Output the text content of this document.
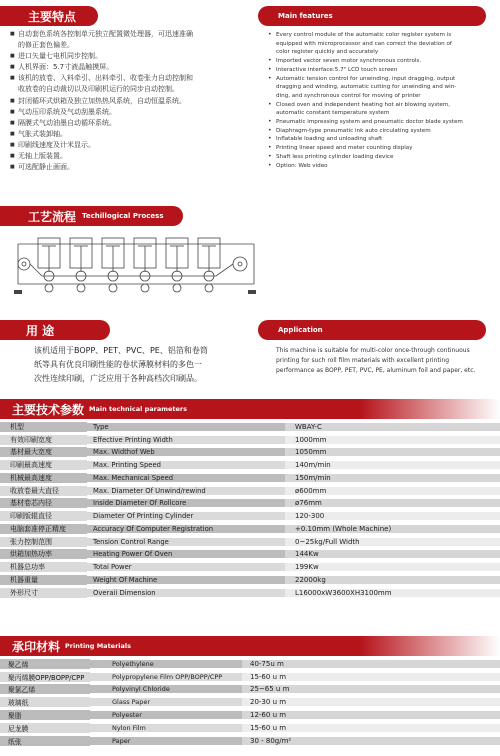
主要特点	Main features
■ 自动套色系统各控制单元独立配置微处理器，可迅速准确
的修正套色偏差。
■ 进口矢量七电机同步控制。
■ 人机界面：5.7寸液晶触摸屏。
■ 该机的放卷、入料牵引、出料牵引、收卷张力自动控制和
收放卷的自动裁切以及印刷机运行的同步自动控制。
■ 封闭循环式烘箱及独立加热热风系统，自动恒温系统。
■ 气动压印系统及气动刮墨系统。
■ 隔膜式气动油墨自动循环系统。
■ 气胀式装卸轴。
■ 印刷线速度及计米显示。
■ 无轴上版装置。
■ 可选配静止画面。
• Every control module of the automatic color register system is
equipped with microprocessor and can correct the deviation of
color register quickly and accurately
• Imported vector seven motor synchronous controls.
• Interactive interface:5.7" LCD touch screen
• Automatic tension control for unwinding, input dragging, output
dragging and winding, automatic cutting for unwinding and win-
ding, and synchronous control for moving of printer
• Closed oven and independent heating hot air blowing system,
automatic constant temperature system
• Pneumatic impressing system and pneumatic doctor blade system
• Diaphragm-type pneumatic ink auto circulating system
• Inflatable loading and unloading shaft
• Printing linear speed and meter counting display
• Shaft less printing cylinder loading device
• Option: Web video
工艺流程 Techillogical Process
用 途	Application
该机适用于BOPP、PET、PVC、PE、铝箔和卷筒
纸等具有优良印刷性能的卷状薄膜材料的多色一
次性连续印刷，广泛应用于各种高档次印刷品。
This machine is suitable for multi-color once-through continuous
printing for such roll film materials with excellent printing
performance as BOPP, PET, PVC, PE, aluminum foil and paper, etc.
主要技术参数 Main technical parameters
机型	Type	WBAY-C
有效印刷宽度	Effective Printing Width	1000mm
基材最大宽度	Max. Widthof Web	1050mm
印刷最高速度	Max. Printing Speed	140m/min
机械最高速度	Max. Mechanicai Speed	150m/min
收放卷最大直径	Max. Diameter Of Unwind/rewind	ø600mm
基材卷芯内径	Inside Diameter Of Rollcore	ø76mm
印刷版辊直径	Diameter Of Printing Cylinder	120-300
电脑套准停正精度	Accuracy Of Computer Registration	+0.10mm (Whole Machine)
张力控制范围	Tension Control Range	0~25kg/Full Width
烘箱加热功率	Heating Power Of Oven	144Kw
机器总功率	Totai Power	199Kw
机器重量	Weight Of Machine	22000kg
外形尺寸	Overaii Dimension	L16000xW3600XH3100mm
承印材料 Printing Materials
聚乙烯	Polyethylene	40-75u m
聚丙烯膜OPP/BOPP/CPP	Polypropylene Film OPP/BOPP/CPP	15-60 u m
聚氯乙烯	Polyvinyl Chloride	25~65 u m
玻璃纸	Glass Paper	20-30 u m
聚脂	Polyester	12-60 u m
尼龙膜	Nylon Film	15-60 u m
纸张	Paper	30 - 80g/m²
